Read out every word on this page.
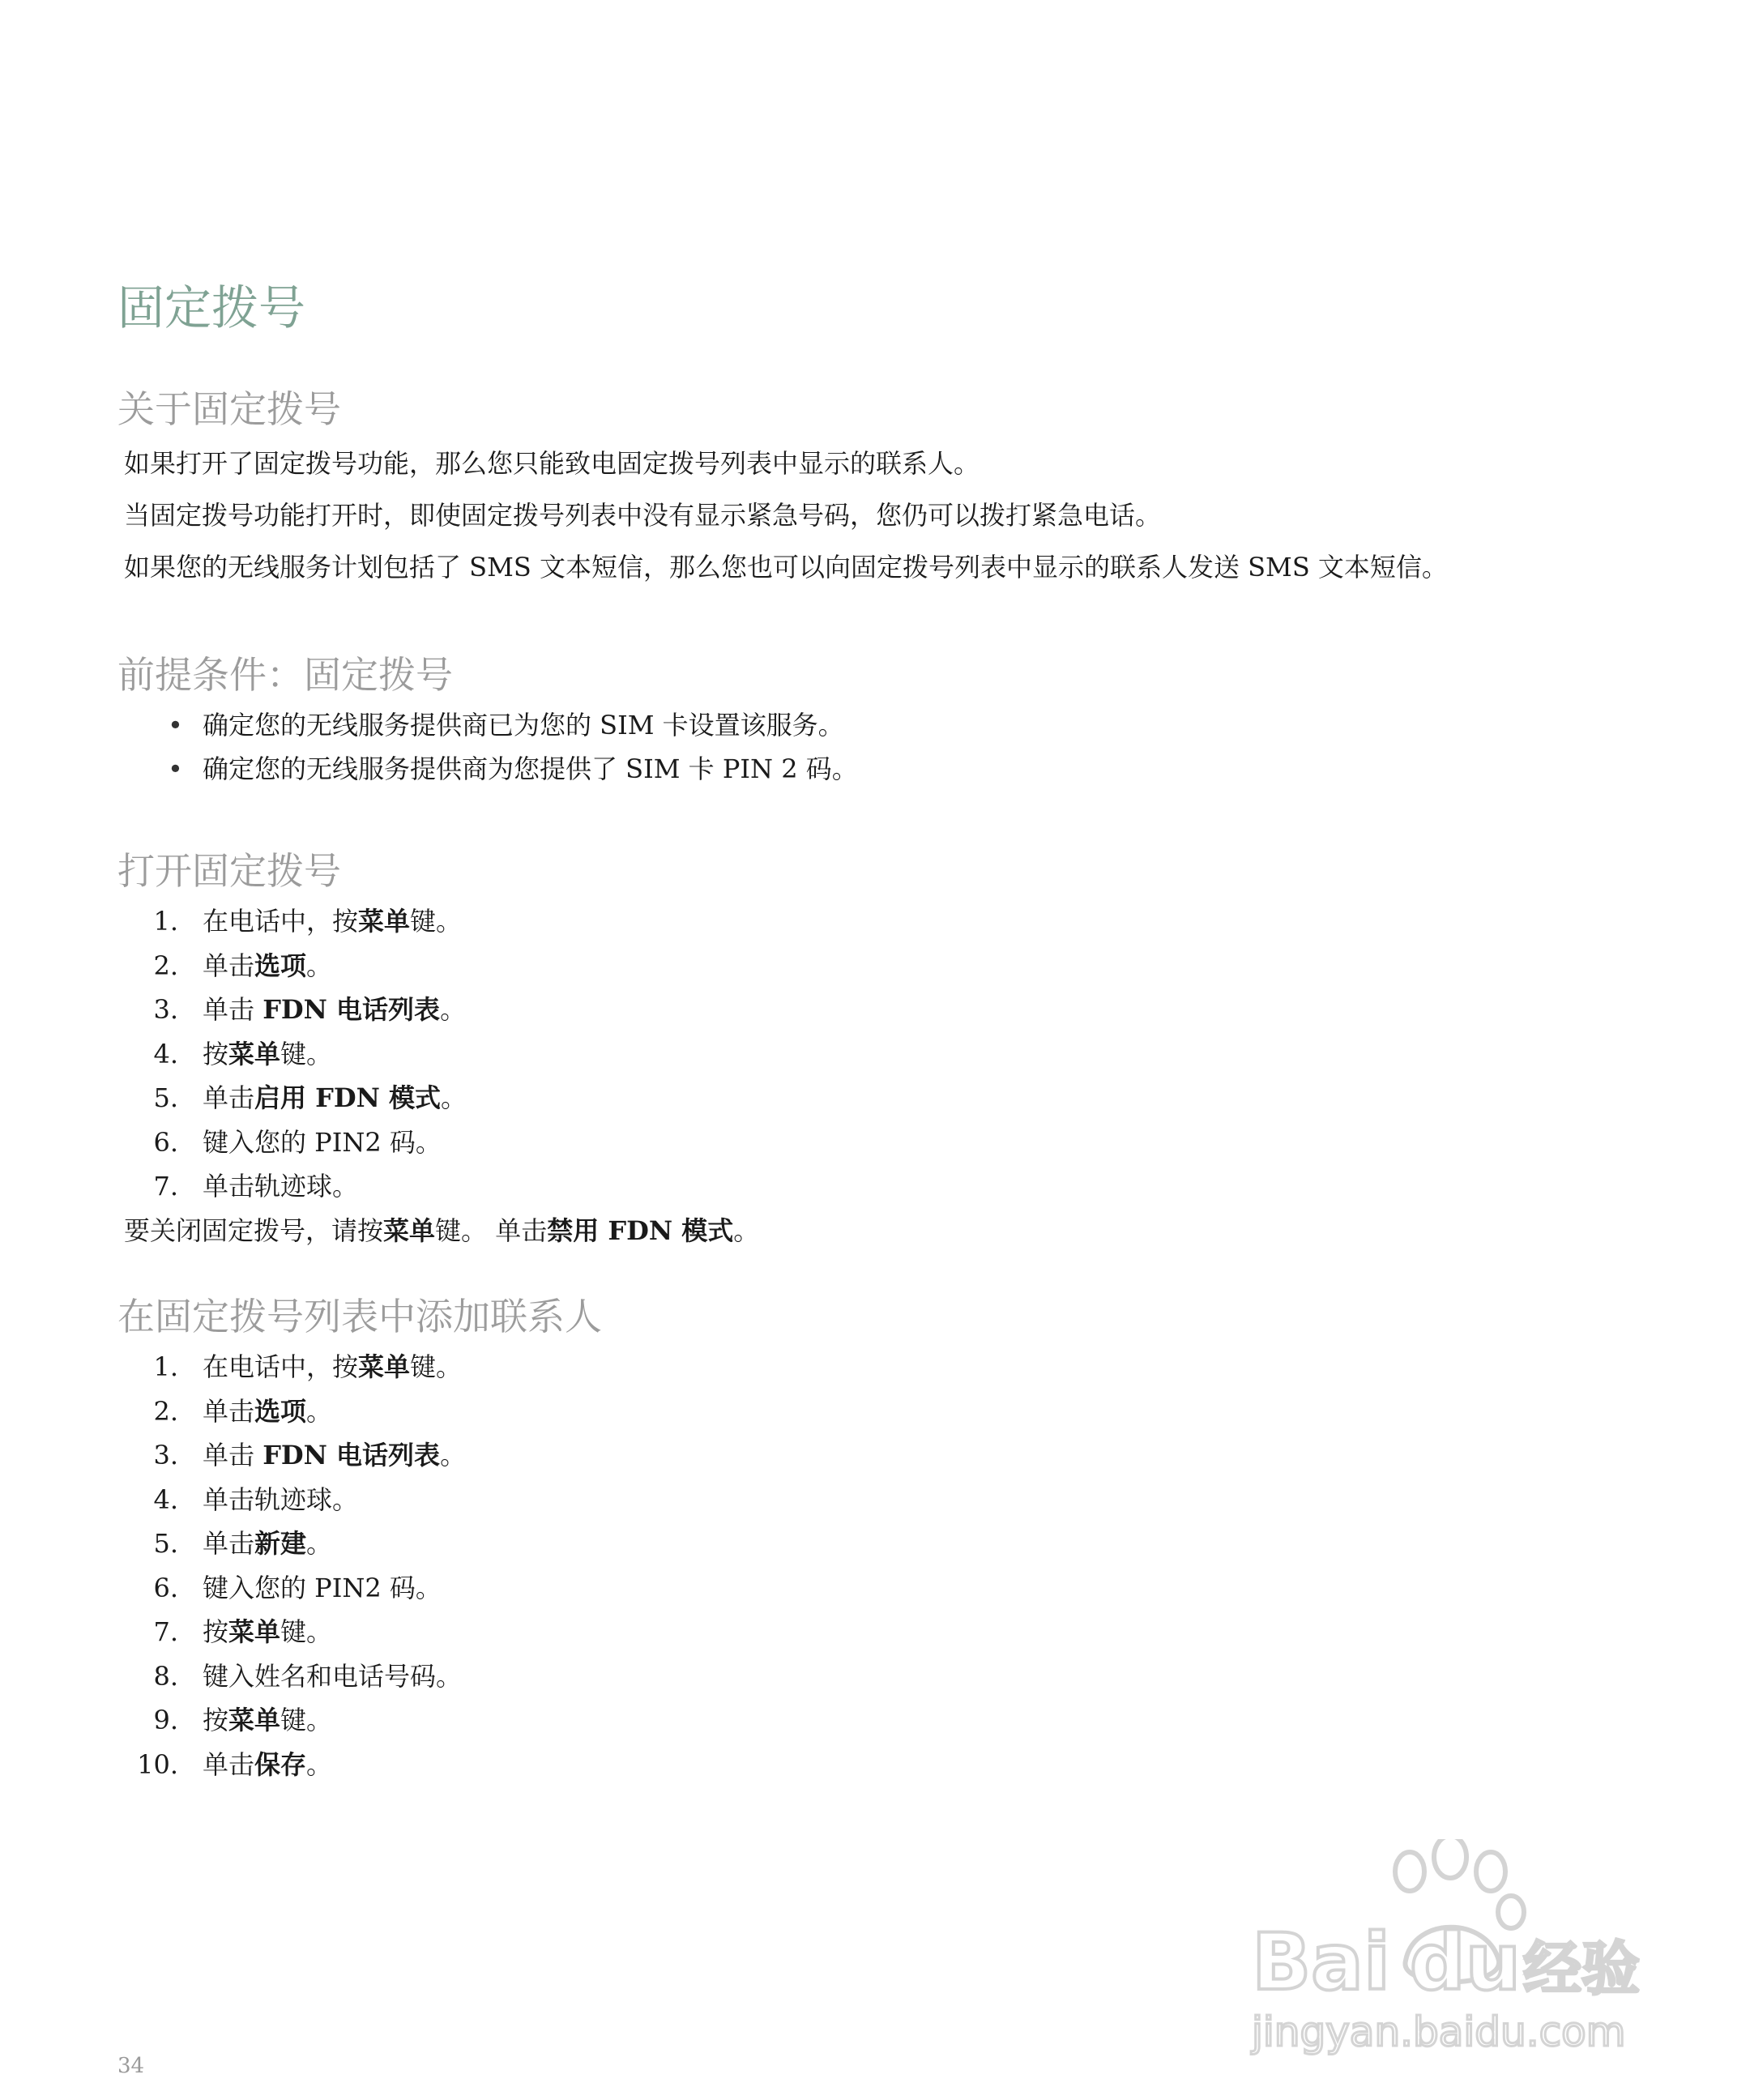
固定拨号
关于固定拨号

如果打开了固定拨号功能，那么您只能致电固定拨号列表中显示的联系人。

当固定拨号功能打开时，即使固定拨号列表中没有显示紧急号码，您仍可以拨打紧急电话。

如果您的无线服务计划包括了 SMS 文本短信，那么您也可以向固定拨号列表中显示的联系人发送 SMS 文本短信。

前提条件：固定拨号
• 确定您的无线服务提供商已为您的 SIM 卡设置该服务。
• 确定您的无线服务提供商为您提供了 SIM 卡 PIN 2 码。
打开固定拨号
1. 在电话中，按菜单键。
2. 单击选项。
3. 单击 FDN 电话列表。
4. 按菜单键。
5. 单击启用 FDN 模式。
6. 键入您的 PIN2 码。
7. 单击轨迹球。

要关闭固定拨号，请按菜单键。 单击禁用 FDN 模式。

在固定拨号列表中添加联系人
1. 在电话中，按菜单键。
2. 单击选项。
3. 单击 FDN 电话列表。
4. 单击轨迹球。
5. 单击新建。
6. 键入您的 PIN2 码。
7. 按菜单键。
8. 键入姓名和电话号码。
9. 按菜单键。
10. 单击保存。
34
Bai du 经验
jingyan.baidu.com
